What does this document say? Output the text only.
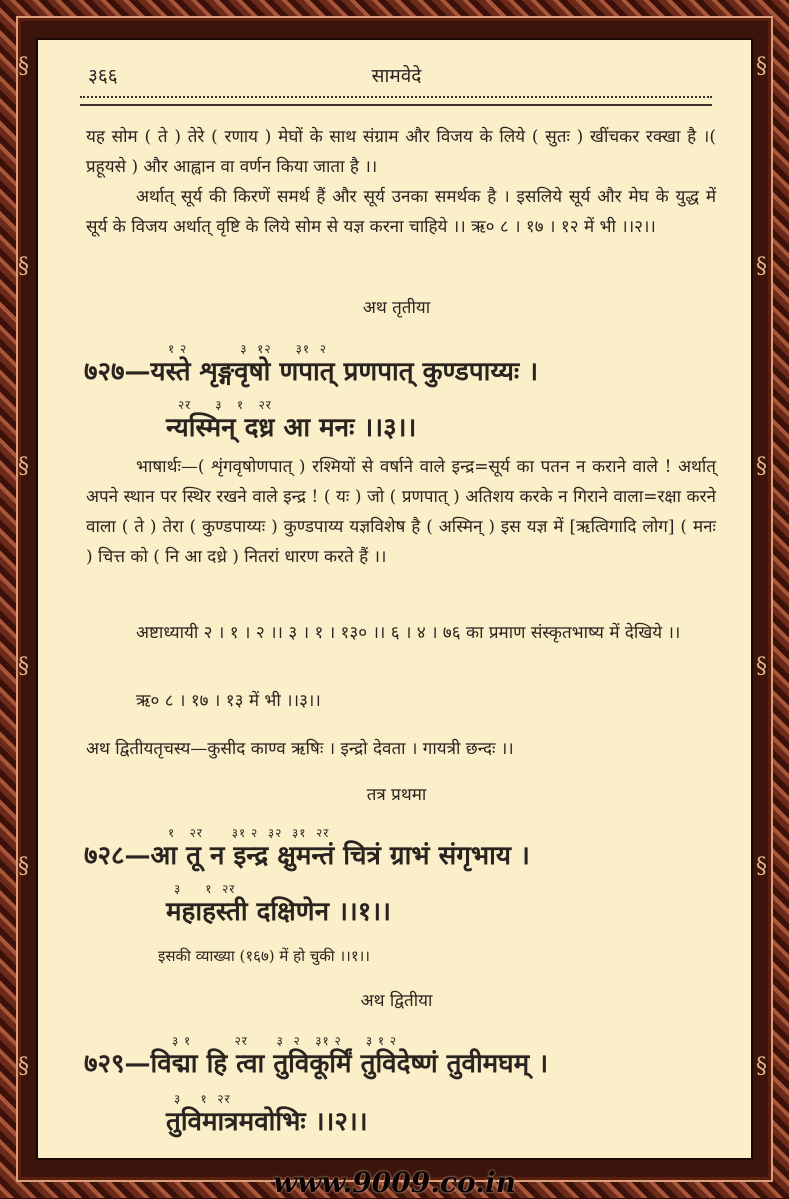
§
§
§
§
§
§
§
§
§
§
§
§
३६६	सामवेदे
यह सोम ( ते ) तेरे ( रणाय ) मेघों के साथ संग्राम और विजय के लिये ( सुतः ) खींचकर रक्खा है ।( प्रहूयसे ) और आह्वान वा वर्णन किया जाता है ।।
अर्थात् सूर्य की किरणें समर्थ हैं और सूर्य उनका समर्थक है । इसलिये सूर्य और मेघ के युद्ध में सूर्य के विजय अर्थात् वृष्टि के लिये सोम से यज्ञ करना चाहिये ।। ऋ० ८ । १७ । १२ में भी ।।२।।
अथ तृतीया
१ २           ३  १२     ३१  २
७२७—यस्ते शृङ्गवृषो णपात् प्रणपात् कुण्डपाय्यः ।
२र     ३   १   २र
न्यस्मिन् दध्र आ मनः ।।३।।
भाषार्थः—( शृंगवृषोणपात् ) रश्मियों से वर्षाने वाले इन्द्र=सूर्य का पतन न कराने वाले ! अर्थात् अपने स्थान पर स्थिर रखने वाले इन्द्र ! ( यः ) जो ( प्रणपात् ) अतिशय करके न गिराने वाला=रक्षा करने वाला ( ते ) तेरा ( कुण्डपाय्यः ) कुण्डपाय्य यज्ञविशेष है ( अस्मिन् ) इस यज्ञ में [ऋत्विगादि लोग] ( मनः ) चित्त को ( नि आ दध्रे ) नितरां धारण करते हैं ।।
अष्टाध्यायी २ । १ । २ ।। ३ । १ । १३० ।। ६ । ४ । ७६ का प्रमाण संस्कृतभाष्य में देखिये ।।
ऋ० ८ । १७ । १३ में भी ।।३।।
अथ द्वितीयतृचस्य—कुसीद काण्व ऋषिः । इन्द्रो देवता । गायत्री छन्दः ।।
तत्र प्रथमा
१   २र      ३१ २  ३२  ३१  २र
७२८—आ तू न इन्द्र क्षुमन्तं चित्रं ग्राभं संगृभाय ।
३     १  २र
महाहस्ती दक्षिणेन ।।१।।
इसकी व्याख्या (१६७) में हो चुकी ।।१।।
अथ द्वितीया
३ १         २र      ३  २   ३१ २     ३ १ २
७२९—विद्मा हि त्वा तुविकूर्मिं तुविदेष्णं तुवीमघम् ।
३    १  २र
तुविमात्रमवोभिः ।।२।।
www.9009.co.in
